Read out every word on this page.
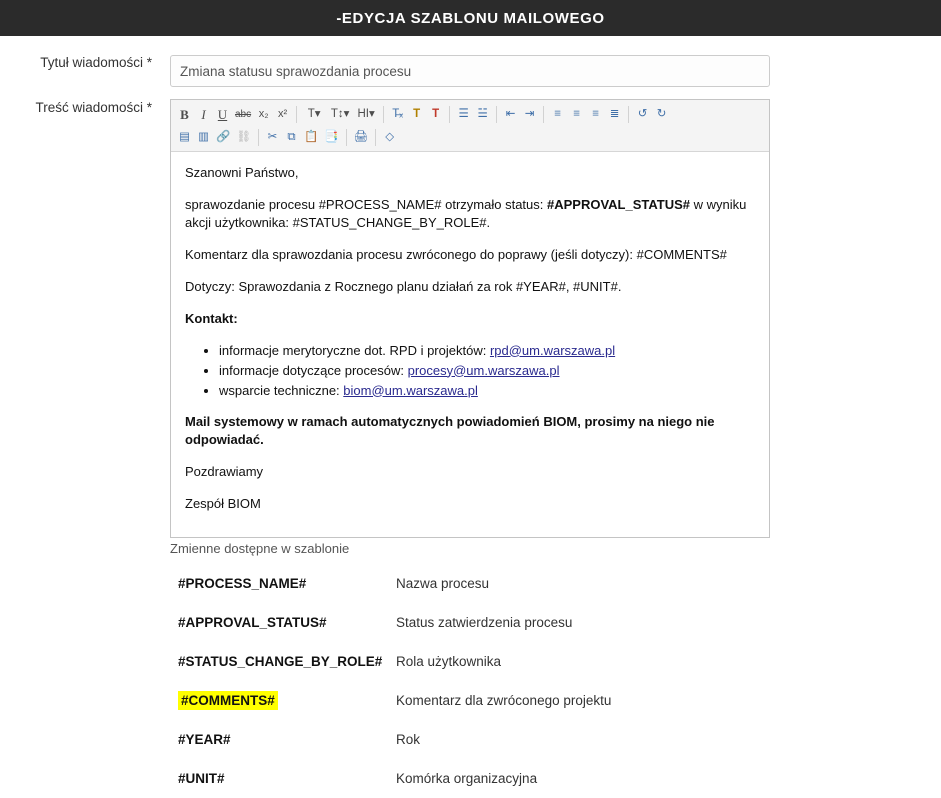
-EDYCJA SZABLONU MAILOWEGO
Tytuł wiadomości *
Zmiana statusu sprawozdania procesu
Treść wiadomości *	B I U abc x₂ x²	T▾ T↕▾ HI▾	T̶ₓ T	T	☰ ☱	⇤ ⇥	≡	≡	≡ ≣	↺ ↻
▤ ▥ 🔗 ⛓	✂ ⧉ 📋 📑 🖨	◇

Szanowni Państwo,

sprawozdanie procesu #PROCESS_NAME# otrzymało status: #APPROVAL_STATUS# w wyniku akcji użytkownika: #STATUS_CHANGE_BY_ROLE#.

Komentarz dla sprawozdania procesu zwróconego do poprawy (jeśli dotyczy): #COMMENTS#

Dotyczy: Sprawozdania z Rocznego planu działań za rok #YEAR#, #UNIT#.

Kontakt:

• informacje merytoryczne dot. RPD i projektów: rpd@um.warszawa.pl
• informacje dotyczące procesów: procesy@um.warszawa.pl
• wsparcie techniczne: biom@um.warszawa.pl
Mail systemowy w ramach automatycznych powiadomień BIOM, prosimy na niego nie odpowiadać.

Pozdrawiamy

Zespół BIOM

Zmienne dostępne w szablonie
#PROCESS_NAME#	Nazwa procesu
#APPROVAL_STATUS#	Status zatwierdzenia procesu
#STATUS_CHANGE_BY_ROLE#	Rola użytkownika
#COMMENTS#	Komentarz dla zwróconego projektu
#YEAR#	Rok
#UNIT#	Komórka organizacyjna
